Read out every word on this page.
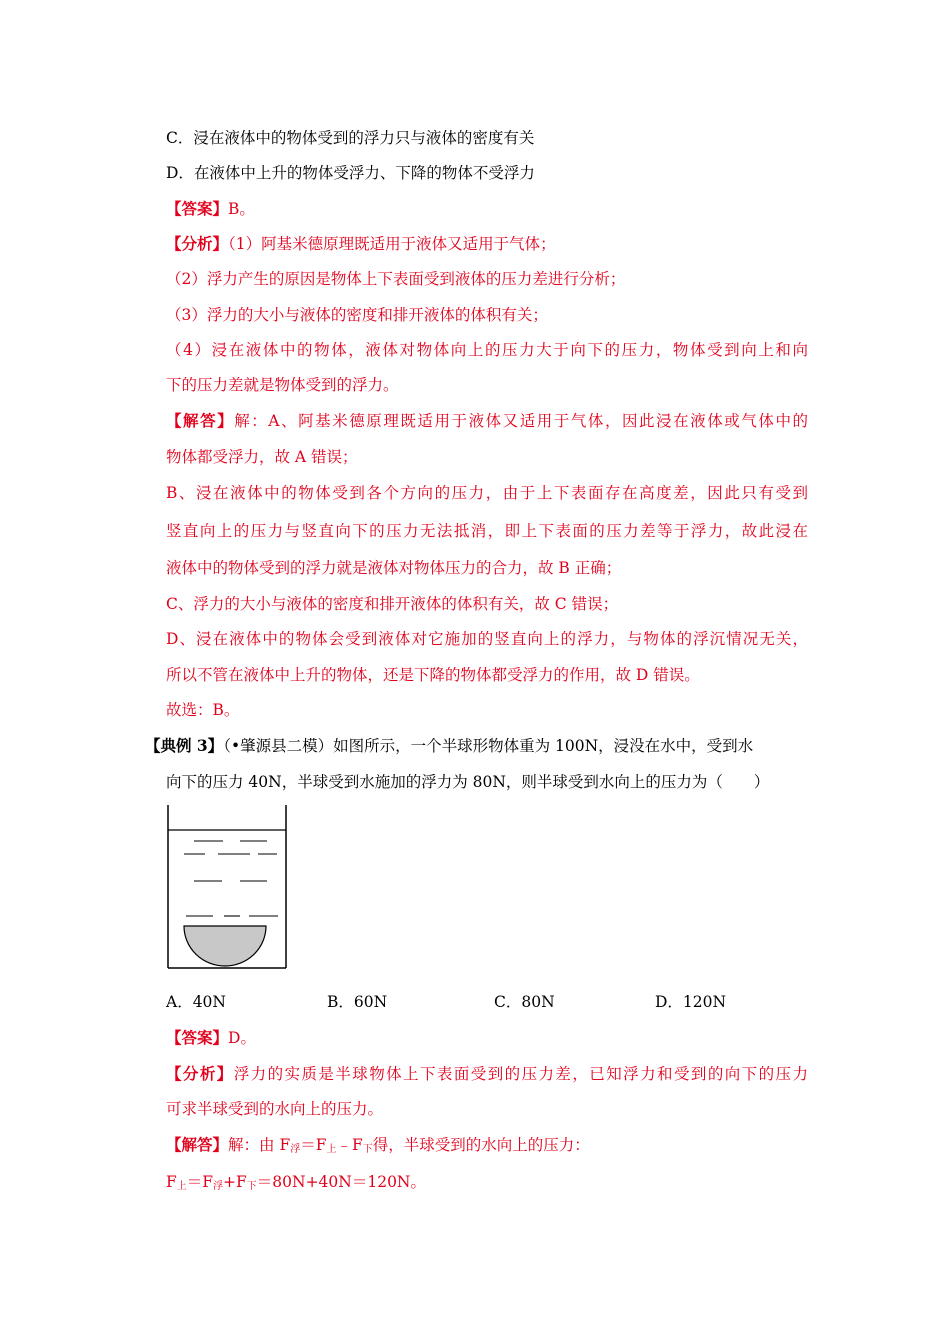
C．浸在液体中的物体受到的浮力只与液体的密度有关
D．在液体中上升的物体受浮力、下降的物体不受浮力
【答案】B。
【分析】（1）阿基米德原理既适用于液体又适用于气体；
（2）浮力产生的原因是物体上下表面受到液体的压力差进行分析；
（3）浮力的大小与液体的密度和排开液体的体积有关；
（4）浸在液体中的物体，液体对物体向上的压力大于向下的压力，物体受到向上和向
下的压力差就是物体受到的浮力。
【解答】解：A、阿基米德原理既适用于液体又适用于气体，因此浸在液体或气体中的
物体都受浮力，故 A 错误；
B、浸在液体中的物体受到各个方向的压力，由于上下表面存在高度差，因此只有受到
竖直向上的压力与竖直向下的压力无法抵消，即上下表面的压力差等于浮力，故此浸在
液体中的物体受到的浮力就是液体对物体压力的合力，故 B 正确；
C、浮力的大小与液体的密度和排开液体的体积有关，故 C 错误；
D、浸在液体中的物体会受到液体对它施加的竖直向上的浮力，与物体的浮沉情况无关，
所以不管在液体中上升的物体，还是下降的物体都受浮力的作用，故 D 错误。
故选：B。
【典例 3】（•肇源县二模）如图所示，一个半球形物体重为 100N，浸没在水中，受到水
向下的压力 40N，半球受到水施加的浮力为 80N，则半球受到水向上的压力为（　　）
A．40N	B．60N	C．80N	D．120N
【答案】D。
【分析】浮力的实质是半球物体上下表面受到的压力差，已知浮力和受到的向下的压力
可求半球受到的水向上的压力。
【解答】解：由 $F_浮=F_上﹣F_下$得，半球受到的水向上的压力：
$F_上=F_浮+F_下=80N+40N=120N$。
